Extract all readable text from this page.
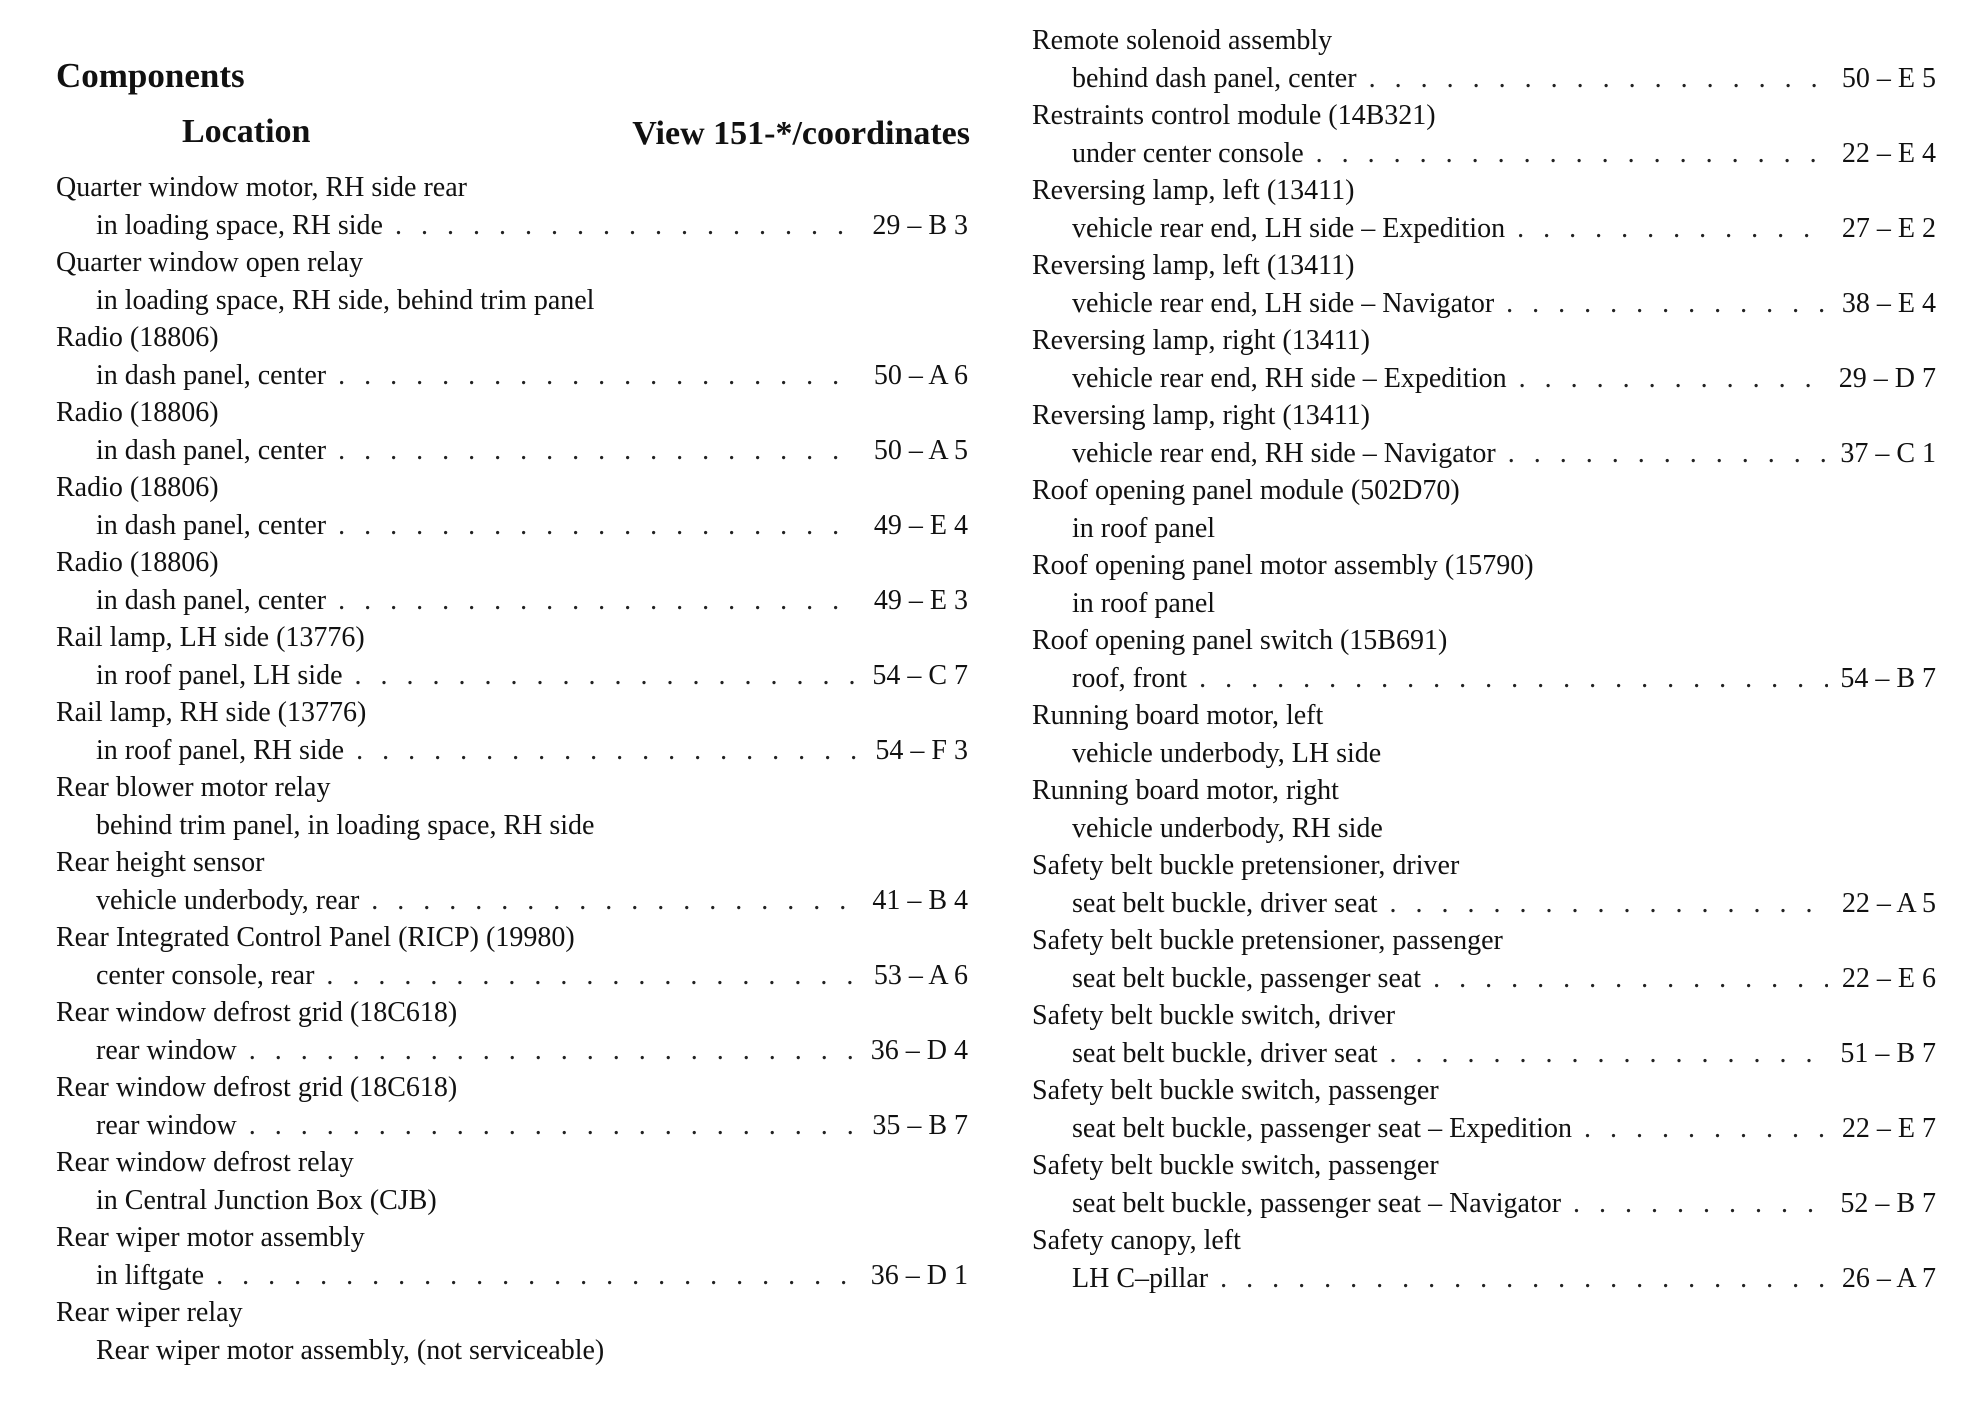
Components
Location	View 151-*/coordinates
Quarter window motor, RH side rear
in loading space, RH side . . .	29 – B 3
Quarter window open relay
in loading space, RH side, behind trim panel
Radio (18806)
in dash panel, center . . .	50 – A 6
Radio (18806)
in dash panel, center . . .	50 – A 5
Radio (18806)
in dash panel, center . . .	49 – E 4
Radio (18806)
in dash panel, center . . .	49 – E 3
Rail lamp, LH side (13776)
in roof panel, LH side . . .	54 – C 7
Rail lamp, RH side (13776)
in roof panel, RH side . . .	54 – F 3
Rear blower motor relay
behind trim panel, in loading space, RH side
Rear height sensor
vehicle underbody, rear . . .	41 – B 4
Rear Integrated Control Panel (RICP) (19980)
center console, rear . . .	53 – A 6
Rear window defrost grid (18C618)
rear window . . .	36 – D 4
Rear window defrost grid (18C618)
rear window . . .	35 – B 7
Rear window defrost relay
in Central Junction Box (CJB)
Rear wiper motor assembly
in liftgate . . .	36 – D 1
Rear wiper relay
Rear wiper motor assembly, (not serviceable)
Remote solenoid assembly
behind dash panel, center . . .	50 – E 5
Restraints control module (14B321)
under center console . . .	22 – E 4
Reversing lamp, left (13411)
vehicle rear end, LH side – Expedition . . .	27 – E 2
Reversing lamp, left (13411)
vehicle rear end, LH side – Navigator . . .	38 – E 4
Reversing lamp, right (13411)
vehicle rear end, RH side – Expedition . . .	29 – D 7
Reversing lamp, right (13411)
vehicle rear end, RH side – Navigator . . .	37 – C 1
Roof opening panel module (502D70)
in roof panel
Roof opening panel motor assembly (15790)
in roof panel
Roof opening panel switch (15B691)
roof, front . . .	54 – B 7
Running board motor, left
vehicle underbody, LH side
Running board motor, right
vehicle underbody, RH side
Safety belt buckle pretensioner, driver
seat belt buckle, driver seat . . .	22 – A 5
Safety belt buckle pretensioner, passenger
seat belt buckle, passenger seat . . .	22 – E 6
Safety belt buckle switch, driver
seat belt buckle, driver seat . . .	51 – B 7
Safety belt buckle switch, passenger
seat belt buckle, passenger seat – Expedition . . .	22 – E 7
Safety belt buckle switch, passenger
seat belt buckle, passenger seat – Navigator . . .	52 – B 7
Safety canopy, left
LH C–pillar . . .	26 – A 7
